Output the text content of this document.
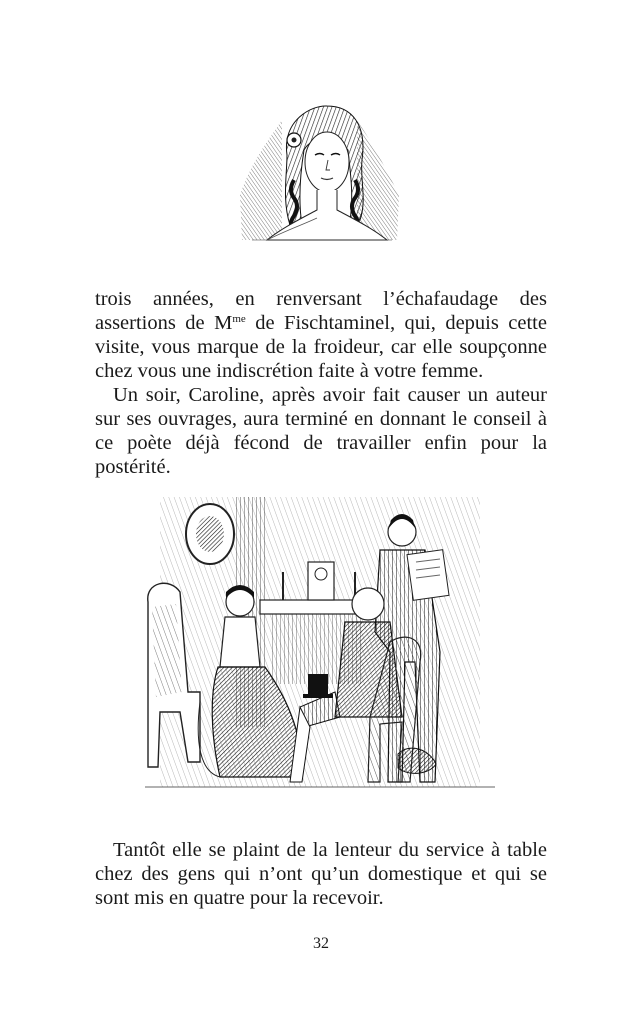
trois années, en renversant l’échafaudage des assertions de $M^{me}$ de Fischtaminel, qui, depuis cette visite, vous marque de la froideur, car elle soupçonne chez vous une indiscrétion faite à votre femme.

Un soir, Caroline, après avoir fait causer un auteur sur ses ouvrages, aura terminé en donnant le conseil à ce poète déjà fécond de travailler enfin pour la postérité.

Tantôt elle se plaint de la lenteur du service à table chez des gens qui n’ont qu’un domestique et qui se sont mis en quatre pour la recevoir.

32
